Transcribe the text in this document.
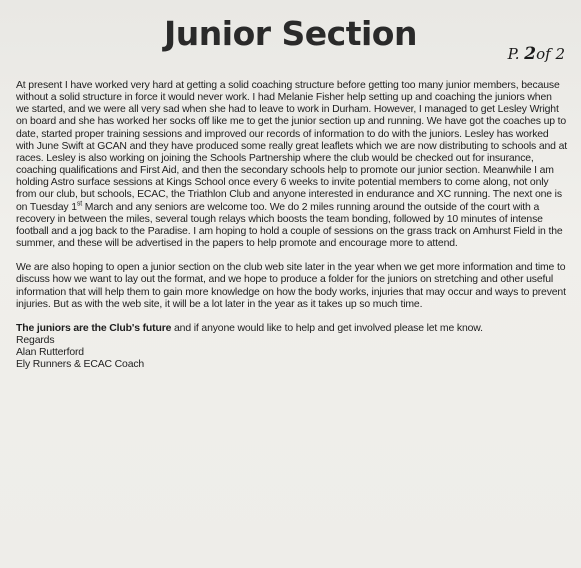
Junior Section
P. 2of 2

At present I have worked very hard at getting a solid coaching structure before getting too many junior members, because without a solid structure in force it would never work. I had Melanie Fisher help setting up and coaching the juniors when we started, and we were all very sad when she had to leave to work in Durham. However, I managed to get Lesley Wright on board and she has worked her socks off like me to get the junior section up and running. We have got the coaches up to date, started proper training sessions and improved our records of information to do with the juniors. Lesley has worked with June Swift at GCAN and they have produced some really great leaflets which we are now distributing to schools and at races. Lesley is also working on joining the Schools Partnership where the club would be checked out for insurance, coaching qualifications and First Aid, and then the secondary schools help to promote our junior section. Meanwhile I am holding Astro surface sessions at Kings School once every 6 weeks to invite potential members to come along, not only from our club, but schools, ECAC, the Triathlon Club and anyone interested in endurance and XC running. The next one is on Tuesday 1st March and any seniors are welcome too. We do 2 miles running around the outside of the court with a recovery in between the miles, several tough relays which boosts the team bonding, followed by 10 minutes of intense football and a jog back to the Paradise. I am hoping to hold a couple of sessions on the grass track on Amhurst Field in the summer, and these will be advertised in the papers to help promote and encourage more to attend.

We are also hoping to open a junior section on the club web site later in the year when we get more information and time to discuss how we want to lay out the format, and we hope to produce a folder for the juniors on stretching and other useful information that will help them to gain more knowledge on how the body works, injuries that may occur and ways to prevent injuries. But as with the web site, it will be a lot later in the year as it takes up so much time.

The juniors are the Club's future and if anyone would like to help and get involved please let me know.

Regards

Alan Rutterford

Ely Runners & ECAC Coach
